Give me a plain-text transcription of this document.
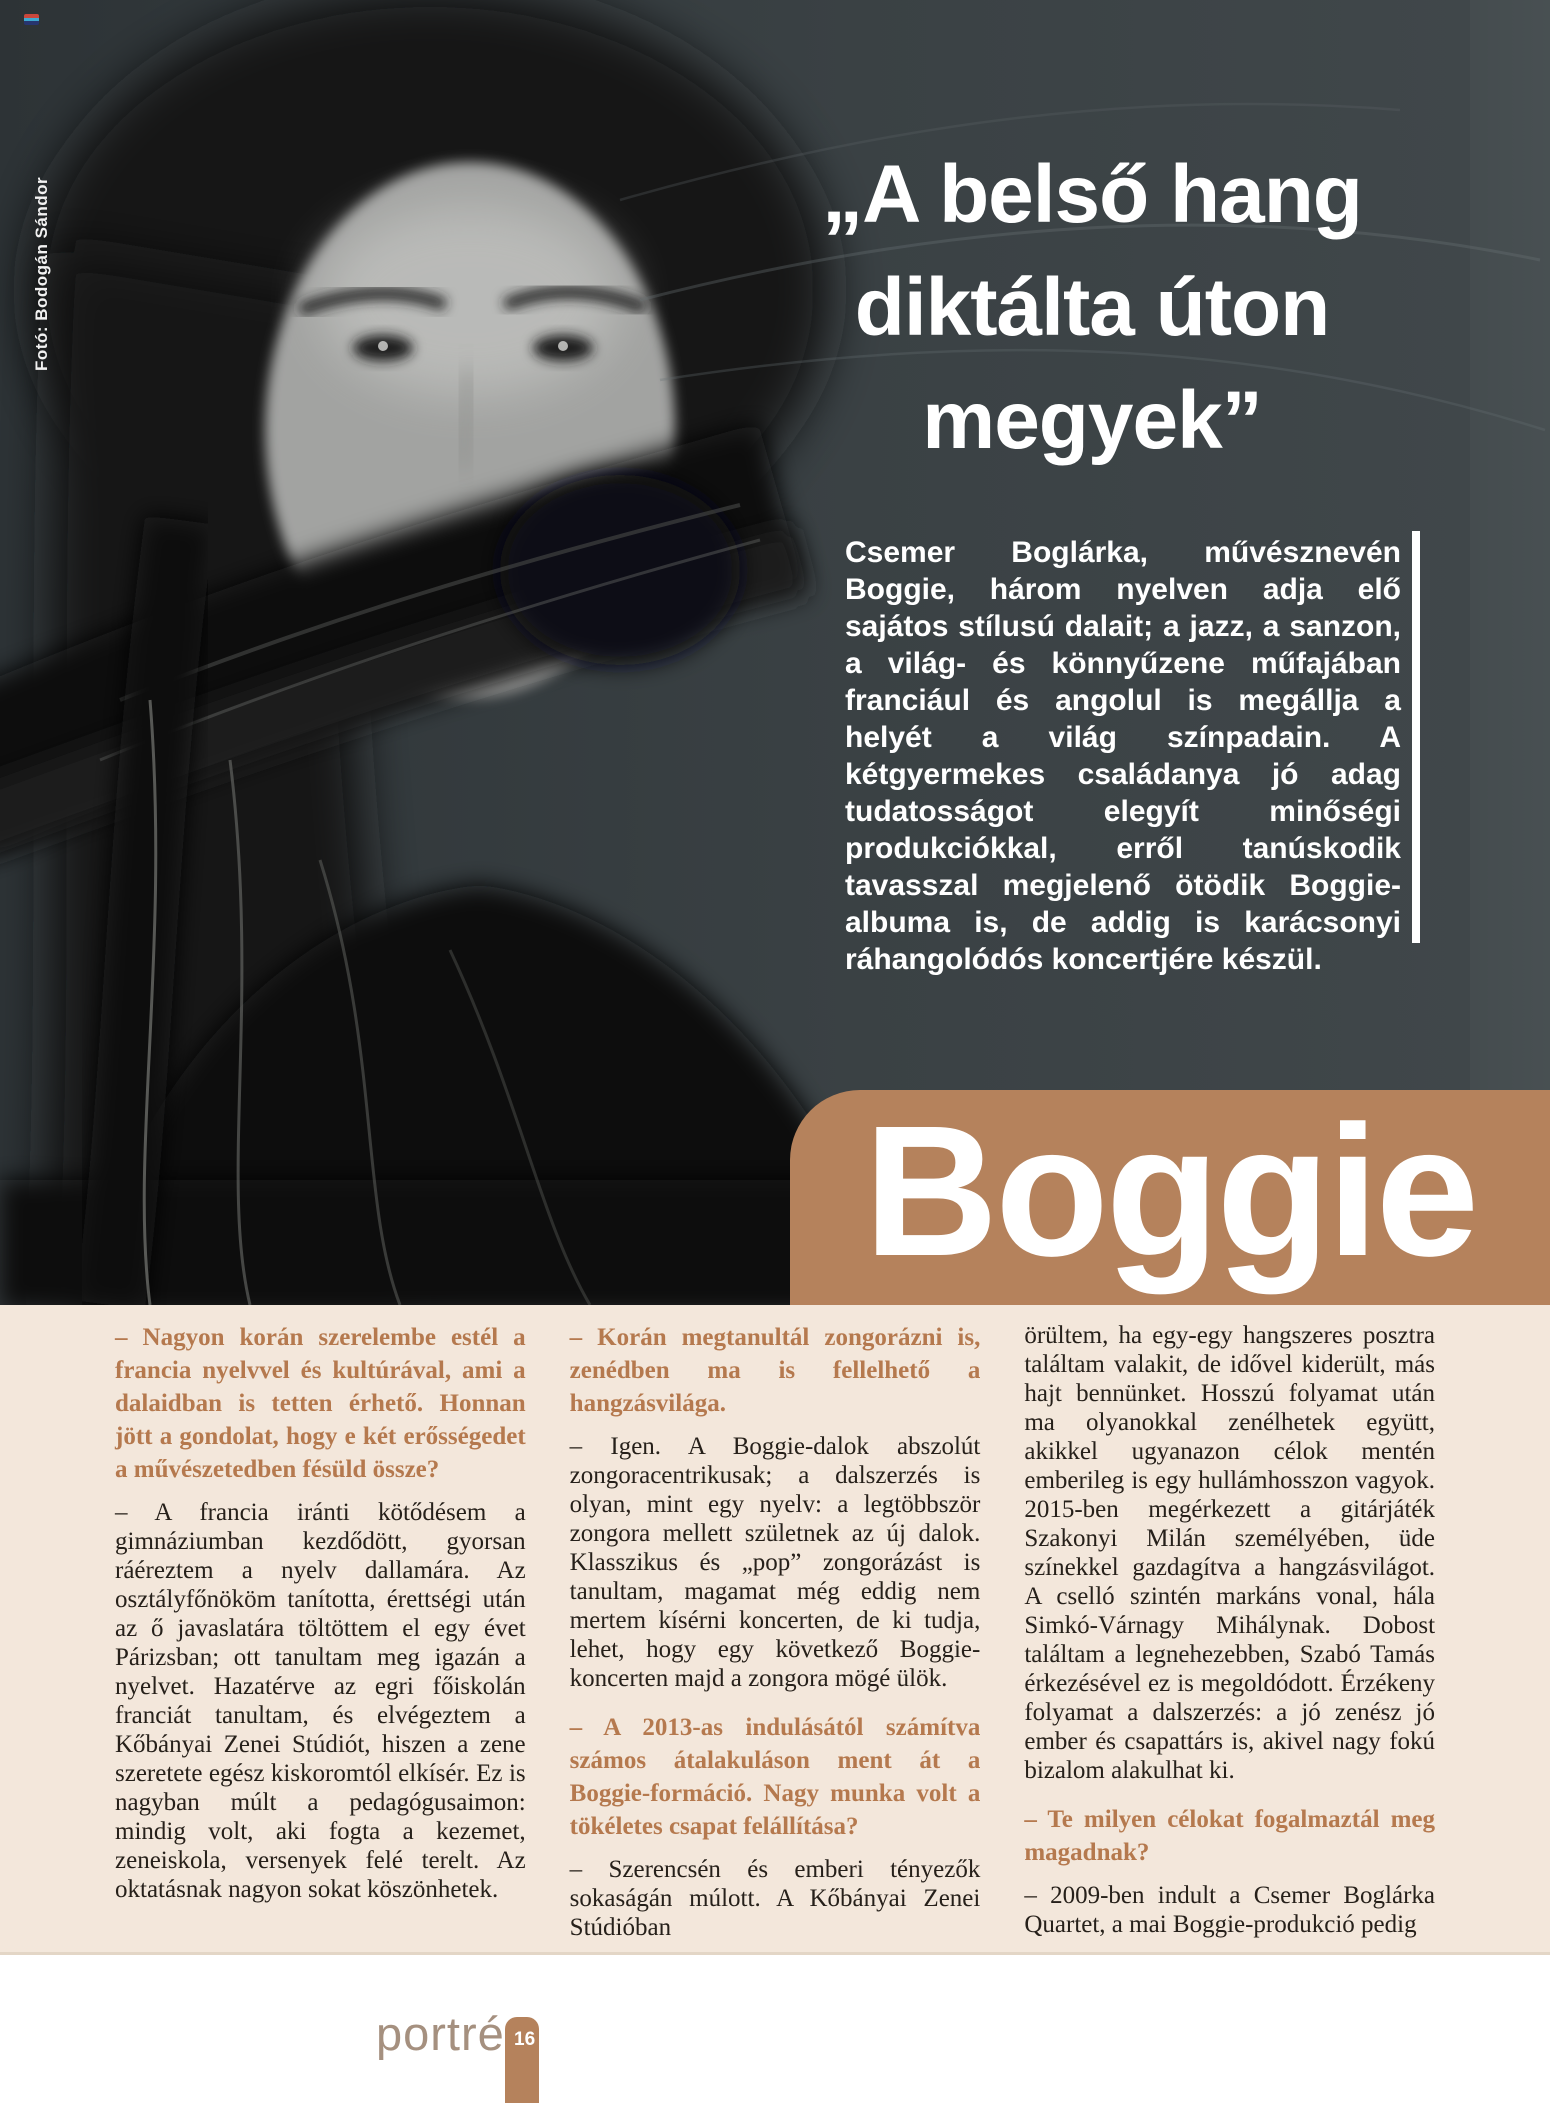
Fotó: Bodogán Sándor	„A belső hang
diktálta úton
megyek”
Csemer Boglárka, művésznevén Boggie, három nyelven adja elő sajátos stílusú dalait; a jazz, a sanzon, a világ- és könnyűzene műfajában franciául és angolul is megállja a helyét a világ színpadain. A kétgyermekes családanya jó adag tudatosságot elegyít minőségi produkciókkal, erről tanúskodik tavasszal megjelenő ötödik Boggie-albuma is, de addig is karácsonyi ráhangolódós koncertjére készül.
Boggie

– Nagyon korán szerelembe estél a francia nyelvvel és kultúrával, ami a dalaidban is tetten érhető. Honnan jött a gondolat, hogy e két erősségedet a művészetedben fésüld össze?

– A francia iránti kötődésem a gimnáziumban kezdődött, gyorsan ráéreztem a nyelv dallamára. Az osztályfőnököm tanította, érettségi után az ő javaslatára töltöttem el egy évet Párizsban; ott tanultam meg igazán a nyelvet. Hazatérve az egri főiskolán franciát tanultam, és elvégeztem a Kőbányai Zenei Stúdiót, hiszen a zene szeretete egész kiskoromtól elkísér. Ez is nagyban múlt a pedagógusaimon: mindig volt, aki fogta a kezemet, zeneiskola, versenyek felé terelt. Az oktatásnak nagyon sokat köszönhetek.

– Korán megtanultál zongorázni is, zenédben ma is fellelhető a hangzásvilága.

– Igen. A Boggie-dalok abszolút zongoracentrikusak; a dalszerzés is olyan, mint egy nyelv: a legtöbbször zongora mellett születnek az új dalok. Klasszikus és „pop” zongorázást is tanultam, magamat még eddig nem mertem kísérni koncerten, de ki tudja, lehet, hogy egy következő Boggie-koncerten majd a zongora mögé ülök.

– A 2013-as indulásától számítva számos átalakuláson ment át a Boggie-formáció. Nagy munka volt a tökéletes csapat felállítása?

– Szerencsén és emberi tényezők sokaságán múlott. A Kőbányai Zenei Stúdióban

örültem, ha egy-egy hangszeres posztra találtam valakit, de idővel kiderült, más hajt bennünket. Hosszú folyamat után ma olyanokkal zenélhetek együtt, akikkel ugyanazon célok mentén emberileg is egy hullámhosszon vagyok. 2015-ben megérkezett a gitárjáték Szakonyi Milán személyében, üde színekkel gazdagítva a hangzásvilágot. A cselló szintén markáns vonal, hála Simkó-Várnagy Mihálynak. Dobost találtam a legnehezebben, Szabó Tamás érkezésével ez is megoldódott. Érzékeny folyamat a dalszerzés: a jó zenész jó ember és csapattárs is, akivel nagy fokú bizalom alakulhat ki.

– Te milyen célokat fogalmaztál meg magadnak?

– 2009-ben indult a Csemer Boglárka Quartet, a mai Boggie-produkció pedig

portré 16
